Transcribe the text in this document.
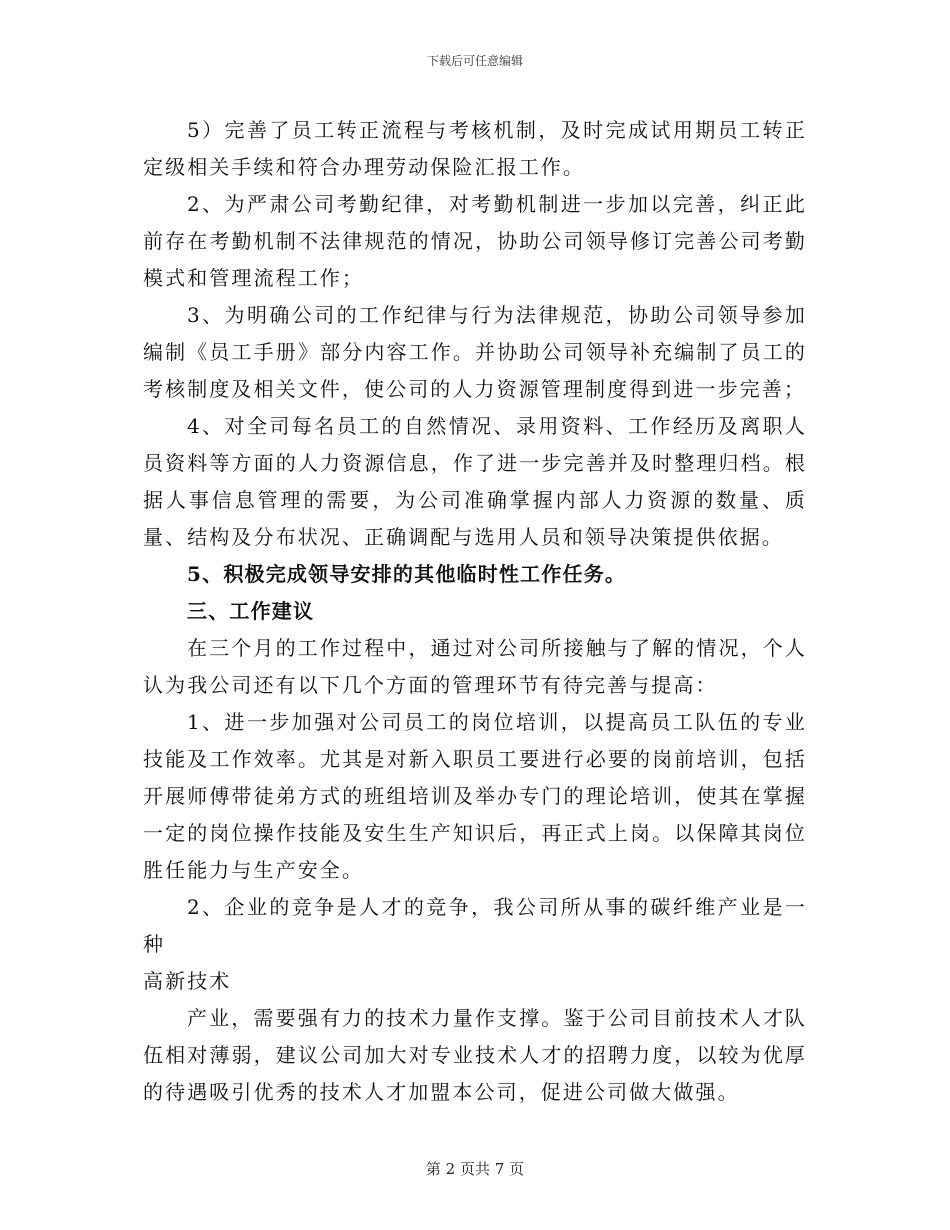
下载后可任意编辑

5）完善了员工转正流程与考核机制，及时完成试用期员工转正定级相关手续和符合办理劳动保险汇报工作。

2、为严肃公司考勤纪律，对考勤机制进一步加以完善，纠正此前存在考勤机制不法律规范的情况，协助公司领导修订完善公司考勤模式和管理流程工作；

3、为明确公司的工作纪律与行为法律规范，协助公司领导参加编制《员工手册》部分内容工作。并协助公司领导补充编制了员工的考核制度及相关文件，使公司的人力资源管理制度得到进一步完善；

4、对全司每名员工的自然情况、录用资料、工作经历及离职人员资料等方面的人力资源信息，作了进一步完善并及时整理归档。根据人事信息管理的需要，为公司准确掌握内部人力资源的数量、质量、结构及分布状况、正确调配与选用人员和领导决策提供依据。

5、积极完成领导安排的其他临时性工作任务。

三、工作建议

在三个月的工作过程中，通过对公司所接触与了解的情况，个人认为我公司还有以下几个方面的管理环节有待完善与提高：

1、进一步加强对公司员工的岗位培训，以提高员工队伍的专业技能及工作效率。尤其是对新入职员工要进行必要的岗前培训，包括开展师傅带徒弟方式的班组培训及举办专门的理论培训，使其在掌握一定的岗位操作技能及安生生产知识后，再正式上岗。以保障其岗位胜任能力与生产安全。

2、企业的竞争是人才的竞争，我公司所从事的碳纤维产业是一种

高新技术

产业，需要强有力的技术力量作支撑。鉴于公司目前技术人才队伍相对薄弱，建议公司加大对专业技术人才的招聘力度，以较为优厚的待遇吸引优秀的技术人才加盟本公司，促进公司做大做强。

第 2 页共 7 页
